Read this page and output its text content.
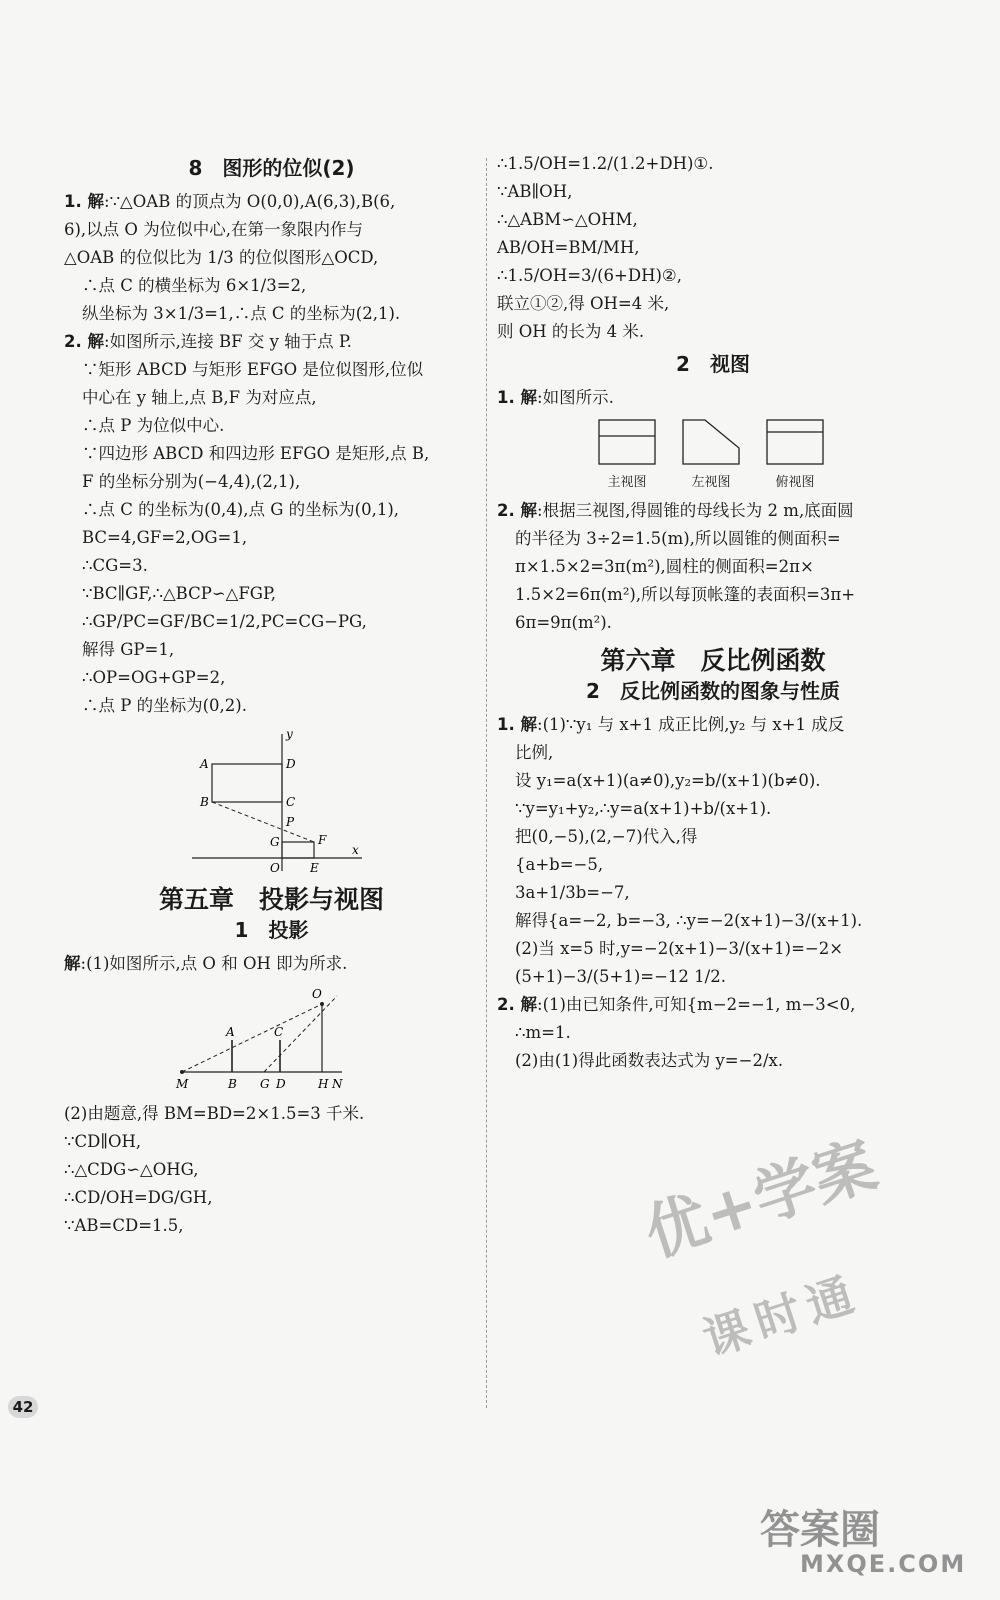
8　图形的位似(2)

1. 解:∵△OAB 的顶点为 O(0,0),A(6,3),B(6,

6),以点 O 为位似中心,在第一象限内作与

△OAB 的位似比为 1/3 的位似图形△OCD,

∴点 C 的横坐标为 6×1/3=2,

纵坐标为 3×1/3=1,∴点 C 的坐标为(2,1).

2. 解:如图所示,连接 BF 交 y 轴于点 P.

∵矩形 ABCD 与矩形 EFGO 是位似图形,位似

中心在 y 轴上,点 B,F 为对应点,

∴点 P 为位似中心.

∵四边形 ABCD 和四边形 EFGO 是矩形,点 B,

F 的坐标分别为(−4,4),(2,1),

∴点 C 的坐标为(0,4),点 G 的坐标为(0,1),

BC=4,GF=2,OG=1,

∴CG=3.

∵BC∥GF,∴△BCP∽△FGP,

∴GP/PC=GF/BC=1/2,PC=CG−PG,

解得 GP=1,

∴OP=OG+GP=2,

∴点 P 的坐标为(0,2).

A
B	C
D
P
G	F
O	E
x
y
第五章　投影与视图
1　投影

解:(1)如图所示,点 O 和 OH 即为所求.

O
A	C
M	B G D	H N

(2)由题意,得 BM=BD=2×1.5=3 千米.

∵CD∥OH,

∴△CDG∽△OHG,

∴CD/OH=DG/GH,

∵AB=CD=1.5,

∴1.5/OH=1.2/(1.2+DH)①.

∵AB∥OH,

∴△ABM∽△OHM,

AB/OH=BM/MH,

∴1.5/OH=3/(6+DH)②,

联立①②,得 OH=4 米,

则 OH 的长为 4 米.

2　视图

1. 解:如图所示.

主视图	左视图	俯视图

2. 解:根据三视图,得圆锥的母线长为 2 m,底面圆

的半径为 3÷2=1.5(m),所以圆锥的侧面积=

π×1.5×2=3π(m²),圆柱的侧面积=2π×

1.5×2=6π(m²),所以每顶帐篷的表面积=3π+

6π=9π(m²).

第六章　反比例函数
2　反比例函数的图象与性质

1. 解:(1)∵y₁ 与 x+1 成正比例,y₂ 与 x+1 成反

比例,

设 y₁=a(x+1)(a≠0),y₂=b/(x+1)(b≠0).

∵y=y₁+y₂,∴y=a(x+1)+b/(x+1).

把(0,−5),(2,−7)代入,得

{a+b=−5,

3a+1/3b=−7,

解得{a=−2, b=−3, ∴y=−2(x+1)−3/(x+1).

(2)当 x=5 时,y=−2(x+1)−3/(x+1)=−2×

(5+1)−3/(5+1)=−12 1/2.

2. 解:(1)由已知条件,可知{m−2=−1, m−3<0,

∴m=1.

(2)由(1)得此函数表达式为 y=−2/x.

42
优+学案
课时通
答案圈
MXQE.COM
